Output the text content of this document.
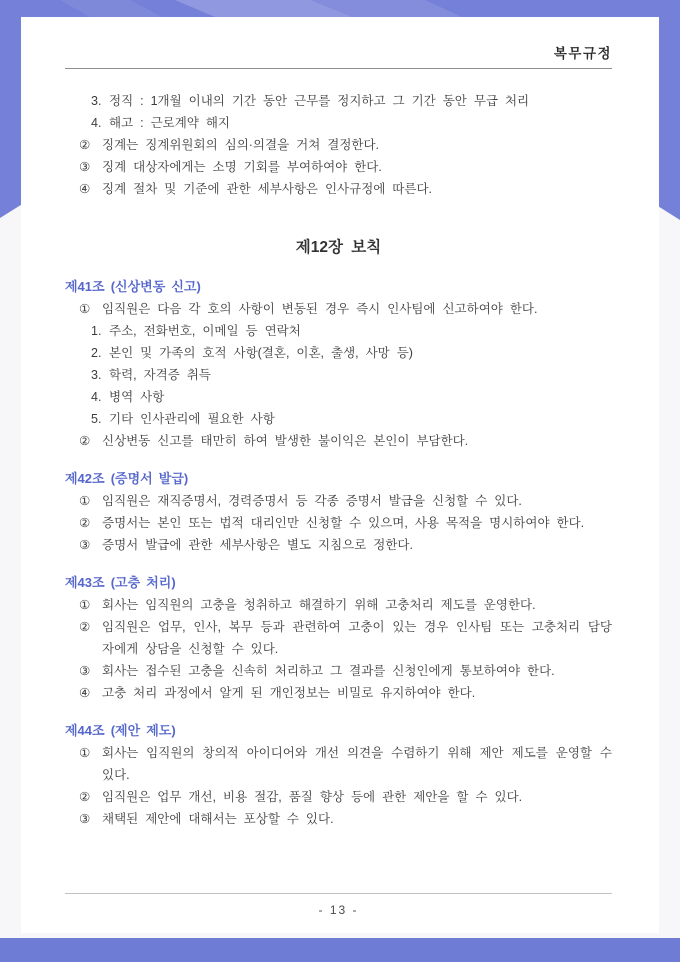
복무규정
3. 정직 : 1개월 이내의 기간 동안 근무를 정지하고 그 기간 동안 무급 처리
4. 해고 : 근로계약 해지
② 징계는 징계위원회의 심의·의결을 거쳐 결정한다.
③ 징계 대상자에게는 소명 기회를 부여하여야 한다.
④ 징계 절차 및 기준에 관한 세부사항은 인사규정에 따른다.
제12장 보칙
제41조 (신상변동 신고)
① 임직원은 다음 각 호의 사항이 변동된 경우 즉시 인사팀에 신고하여야 한다.
1. 주소, 전화번호, 이메일 등 연락처
2. 본인 및 가족의 호적 사항(결혼, 이혼, 출생, 사망 등)
3. 학력, 자격증 취득
4. 병역 사항
5. 기타 인사관리에 필요한 사항
② 신상변동 신고를 태만히 하여 발생한 불이익은 본인이 부담한다.
제42조 (증명서 발급)
① 임직원은 재직증명서, 경력증명서 등 각종 증명서 발급을 신청할 수 있다.
② 증명서는 본인 또는 법적 대리인만 신청할 수 있으며, 사용 목적을 명시하여야 한다.
③ 증명서 발급에 관한 세부사항은 별도 지침으로 정한다.
제43조 (고충 처리)
① 회사는 임직원의 고충을 청취하고 해결하기 위해 고충처리 제도를 운영한다.
② 임직원은 업무, 인사, 복무 등과 관련하여 고충이 있는 경우 인사팀 또는 고충처리 담당자에게 상담을 신청할 수 있다.
③ 회사는 접수된 고충을 신속히 처리하고 그 결과를 신청인에게 통보하여야 한다.
④ 고충 처리 과정에서 알게 된 개인정보는 비밀로 유지하여야 한다.
제44조 (제안 제도)
① 회사는 임직원의 창의적 아이디어와 개선 의견을 수렴하기 위해 제안 제도를 운영할 수 있다.
② 임직원은 업무 개선, 비용 절감, 품질 향상 등에 관한 제안을 할 수 있다.
③ 채택된 제안에 대해서는 포상할 수 있다.
- 13 -
